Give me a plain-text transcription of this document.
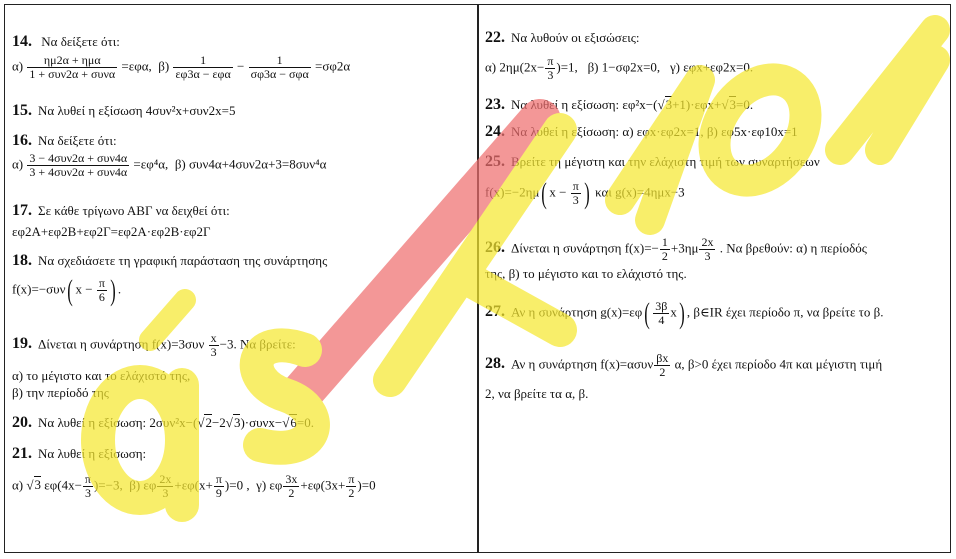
14. Να δείξετε ότι:
$\alpha) \frac{\text{ημ2α + ημα}}{\text{1 + συν2α + συνα}} =\varepsilon\varphi\alpha$, $\beta) \frac{1}{\text{εφ3α − εφα}} - \frac{1}{\text{σφ3α − σφα}} =\sigma\varphi 2\alpha$
15. Να λυθεί η εξίσωση 4συν²x+συν2x=5
16. Να δείξετε ότι:
$\alpha) \frac{\text{3 − 4συν2α + συν4α}}{\text{3 + 4συν2α + συν4α}} =\varepsilon\varphi^4\alpha$, β) συν4α+4συν2α+3=8συν⁴α
17. Σε κάθε τρίγωνο ΑΒΓ να δειχθεί ότι:
εφ2Α+εφ2Β+εφ2Γ=εφ2Α·εφ2Β·εφ2Γ
18. Να σχεδιάσετε τη γραφική παράσταση της συνάρτησης
f(x)=−συν( $x - \frac{\pi}{6}$ ) .
19. Δίνεται η συνάρτηση $f(x)=3\sigma\upsilon\nu \frac{x}{3} -3$. Να βρείτε:
α) το μέγιστο και το ελάχιστό της,
β) την περίοδό της
20. Να λυθεί η εξίσωση: 2συν²x−(√2−2√3)·συνx−√6=0.
21. Να λυθεί η εξίσωση:
α) √3 $\varepsilon\varphi(4x- \frac{\pi}{3} )=-3$, β) εφ $\frac{2x}{3} +\varepsilon\varphi(x+ \frac{\pi}{9} )=0$ , γ) εφ $\frac{3x}{2} +\varepsilon\varphi(3x+ \frac{\pi}{2} )=0$
22. Να λυθούν οι εξισώσεις:
α) $2\eta\mu(2x- \frac{\pi}{3} )=1$, β) 1−σφ2x=0, γ) εφx+εφ2x=0.
23. Να λυθεί η εξίσωση: εφ²x−(√3+1)·εφx+√3=0.
24. Να λυθεί η εξίσωση: α) εφx·εφ2x=1, β) εφ5x·εφ10x=1
25. Βρείτε τη μέγιστη και την ελάχιστη τιμή των συναρτήσεων
f(x)=−2ημ( $x - \frac{\pi}{3}$ ) και g(x)=4ημx−3
26. Δίνεται η συνάρτηση $f(x)=- \frac{1}{2} +3\eta\mu \frac{2x}{3}$ . Να βρεθούν: α) η περίοδός
της, β) το μέγιστο και το ελάχιστό της.
27. Αν η συνάρτηση $g(x)=\varepsilon\varphi( \frac{3\beta}{4} x)$ , β∈IR έχει περίοδο π, να βρείτε το β.
28. Αν η συνάρτηση $f(x)=\alpha\sigma\upsilon\nu \frac{\beta x}{2} \alpha$, β>0 έχει περίοδο 4π και μέγιστη τιμή
2, να βρείτε τα α, β.
